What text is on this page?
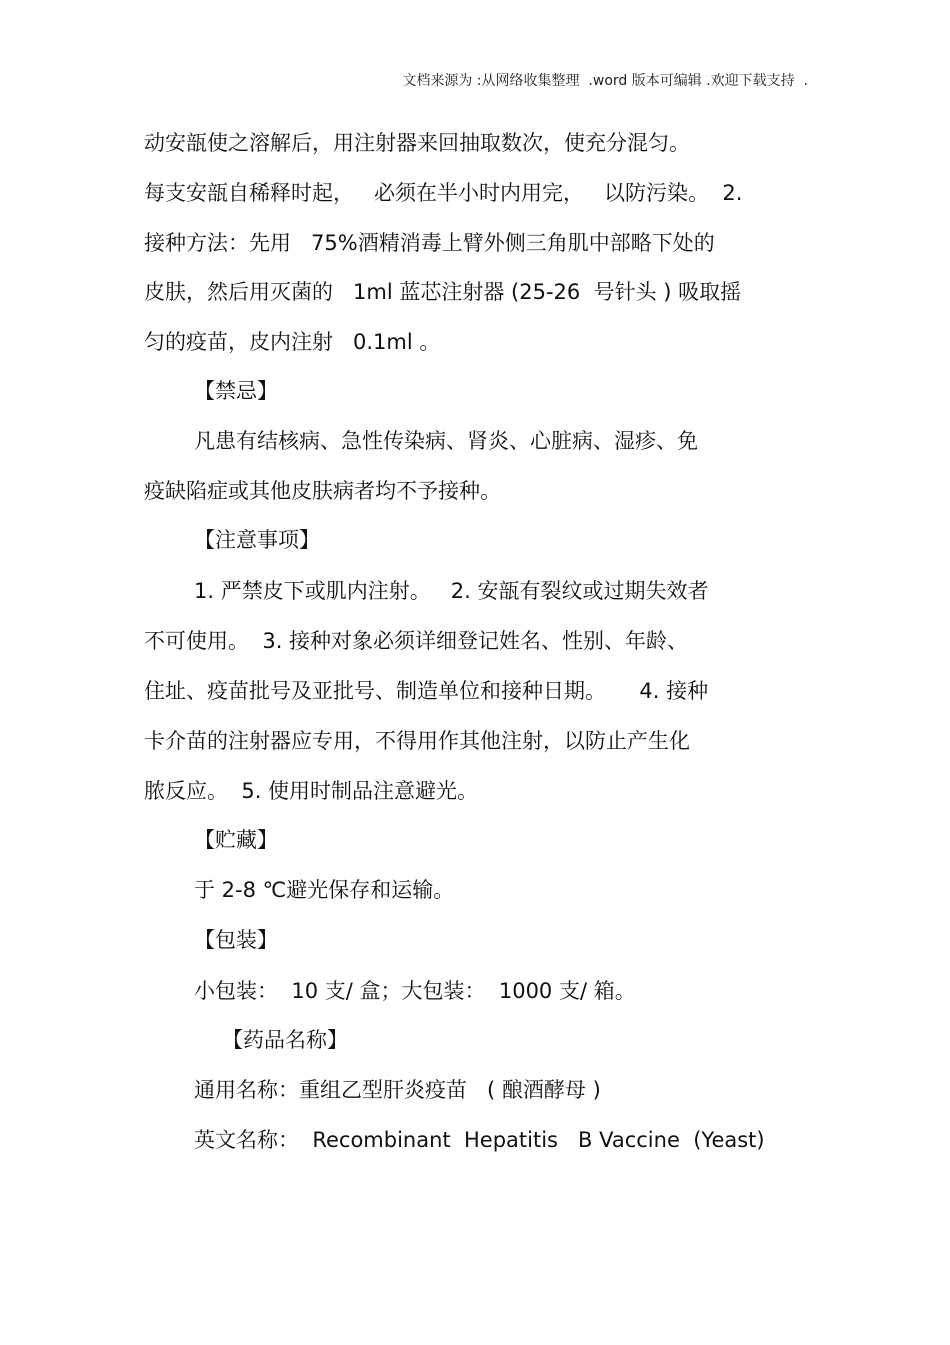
文档来源为 :从网络收集整理  .word 版本可编辑 .欢迎下载支持  .
动安瓿使之溶解后，用注射器来回抽取数次，使充分混匀。
每支安瓿自稀释时起，   必须在半小时内用完，   以防污染。  2.
接种方法：先用   75%酒精消毒上臂外侧三角肌中部略下处的
皮肤，然后用灭菌的   1ml 蓝芯注射器 (25-26  号针头 ) 吸取摇
匀的疫苗，皮内注射   0.1ml 。
【禁忌】
凡患有结核病、急性传染病、肾炎、心脏病、湿疹、免
疫缺陷症或其他皮肤病者均不予接种。
【注意事项】
1. 严禁皮下或肌内注射。   2. 安瓿有裂纹或过期失效者
不可使用。  3. 接种对象必须详细登记姓名、性别、年龄、
住址、疫苗批号及亚批号、制造单位和接种日期。     4. 接种
卡介苗的注射器应专用，不得用作其他注射，以防止产生化
脓反应。  5. 使用时制品注意避光。
【贮藏】
于 2-8 ℃避光保存和运输。
【包装】
小包装：  10 支/ 盒；大包装：  1000 支/ 箱。
【药品名称】
通用名称：重组乙型肝炎疫苗   ( 酿酒酵母 )
英文名称：  Recombinant  Hepatitis   B Vaccine  (Yeast)
